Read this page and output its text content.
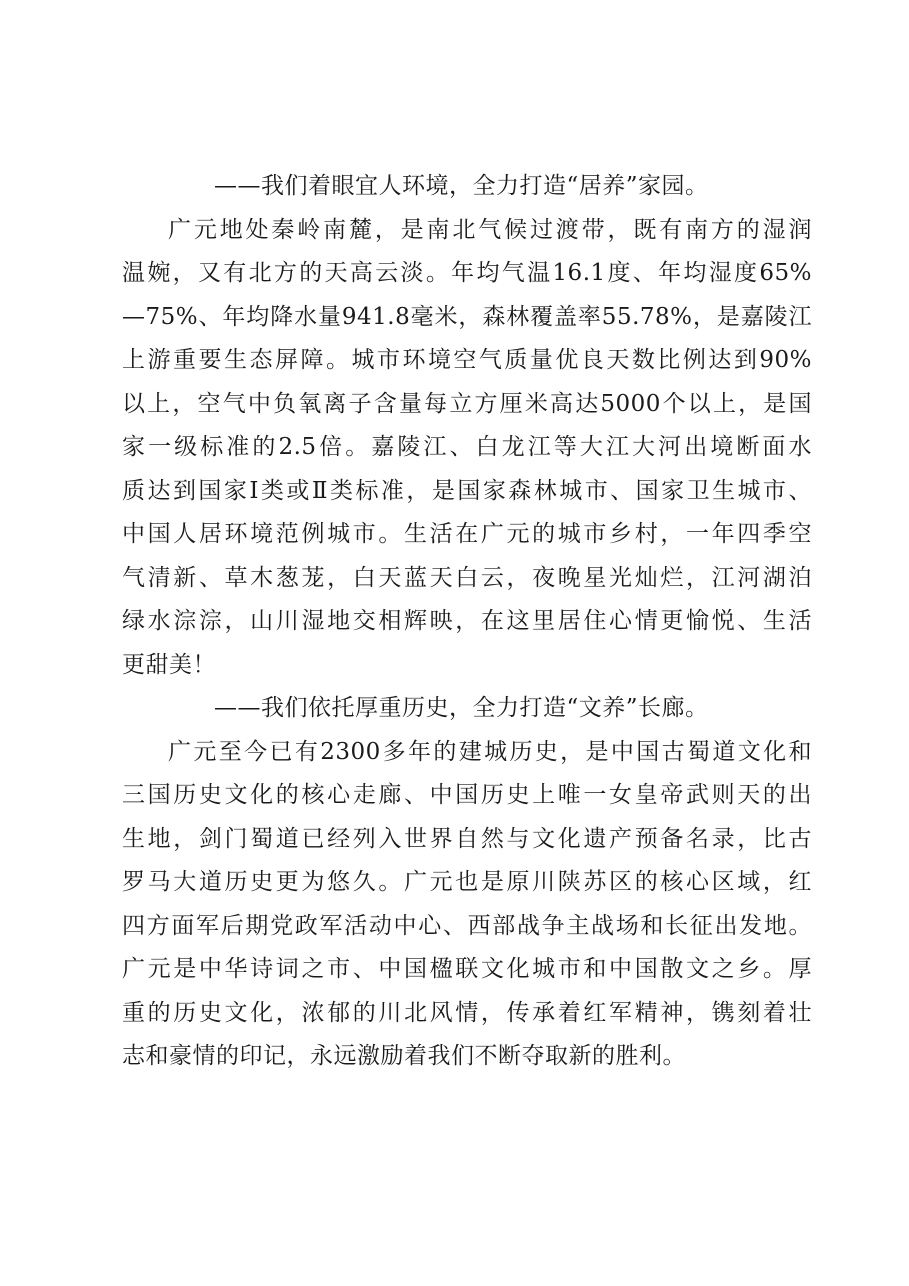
——我们着眼宜人环境，全力打造“居养”家园。
广元地处秦岭南麓，是南北气候过渡带，既有南方的湿润
温婉，又有北方的天高云淡。年均气温16.1度、年均湿度65%
—75%、年均降水量941.8毫米，森林覆盖率55.78%，是嘉陵江
上游重要生态屏障。城市环境空气质量优良天数比例达到90%
以上，空气中负氧离子含量每立方厘米高达5000个以上，是国
家一级标准的2.5倍。嘉陵江、白龙江等大江大河出境断面水
质达到国家Ⅰ类或Ⅱ类标准，是国家森林城市、国家卫生城市、
中国人居环境范例城市。生活在广元的城市乡村，一年四季空
气清新、草木葱茏，白天蓝天白云，夜晚星光灿烂，江河湖泊
绿水淙淙，山川湿地交相辉映，在这里居住心情更愉悦、生活
更甜美！
——我们依托厚重历史，全力打造“文养”长廊。
广元至今已有2300多年的建城历史，是中国古蜀道文化和
三国历史文化的核心走廊、中国历史上唯一女皇帝武则天的出
生地，剑门蜀道已经列入世界自然与文化遗产预备名录，比古
罗马大道历史更为悠久。广元也是原川陕苏区的核心区域，红
四方面军后期党政军活动中心、西部战争主战场和长征出发地。
广元是中华诗词之市、中国楹联文化城市和中国散文之乡。厚
重的历史文化，浓郁的川北风情，传承着红军精神，镌刻着壮
志和豪情的印记，永远激励着我们不断夺取新的胜利。
